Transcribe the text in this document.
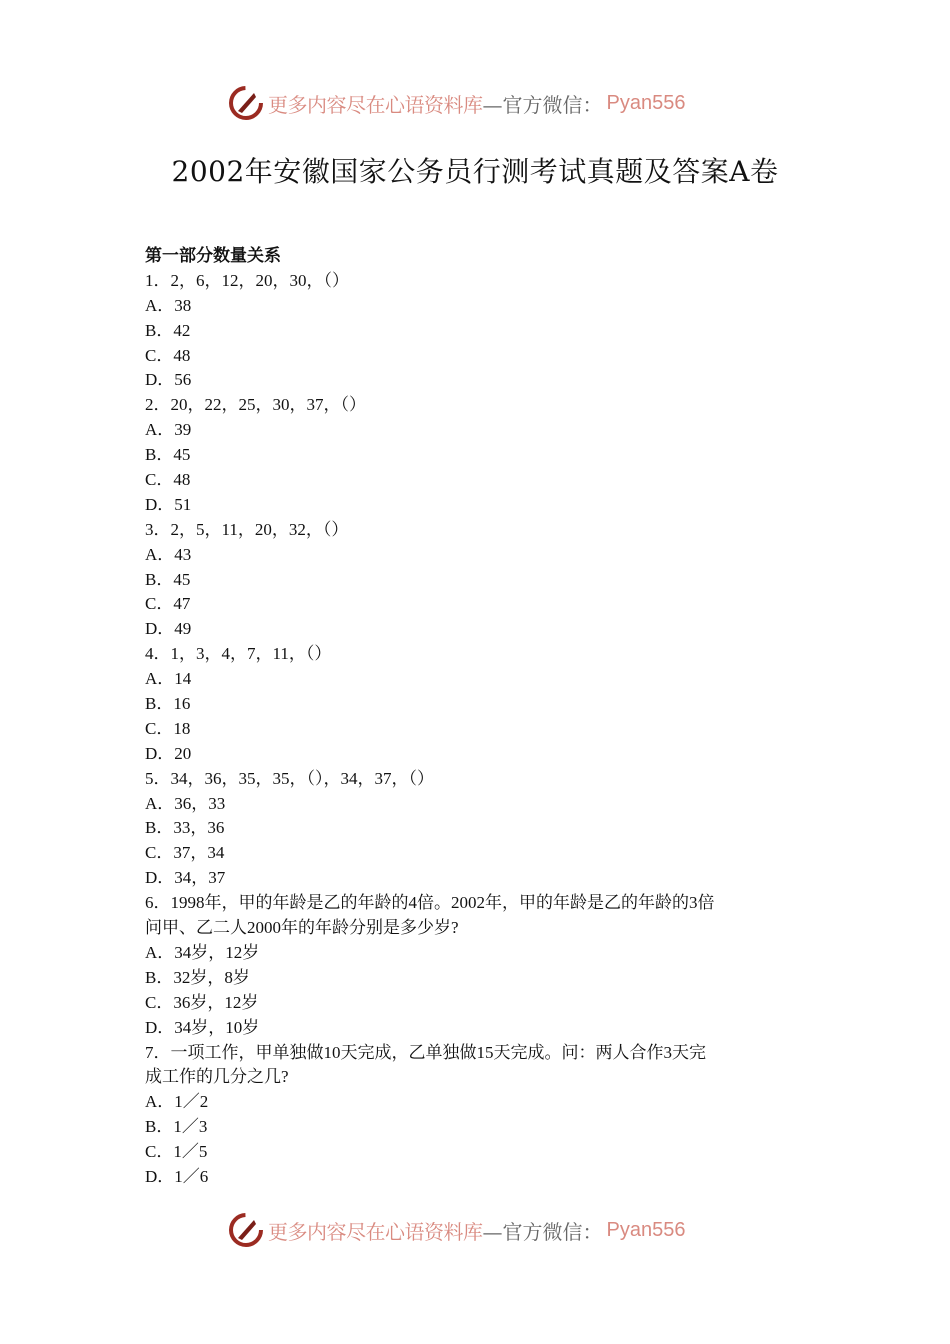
更多内容尽在心语资料库 —官方微信： Pyan556
2002年安徽国家公务员行测考试真题及答案A卷
第一部分数量关系
1．2，6，12，20，30，（）
A．38
B．42
C．48
D．56
2．20，22，25，30，37，（）
A．39
B．45
C．48
D．51
3．2，5，11，20，32，（）
A．43
B．45
C．47
D．49
4．1，3，4，7，11，（）
A．14
B．16
C．18
D．20
5．34，36，35，35，（），34，37，（）
A．36，33
B．33，36
C．37，34
D．34，37
6．1998年，甲的年龄是乙的年龄的4倍。2002年，甲的年龄是乙的年龄的3倍
问甲、乙二人2000年的年龄分别是多少岁?
A．34岁，12岁
B．32岁，8岁
C．36岁，12岁
D．34岁，10岁
7．一项工作，甲单独做10天完成，乙单独做15天完成。问：两人合作3天完
成工作的几分之几?
A．1／2
B．1／3
C．1／5
D．1／6
更多内容尽在心语资料库 —官方微信： Pyan556
